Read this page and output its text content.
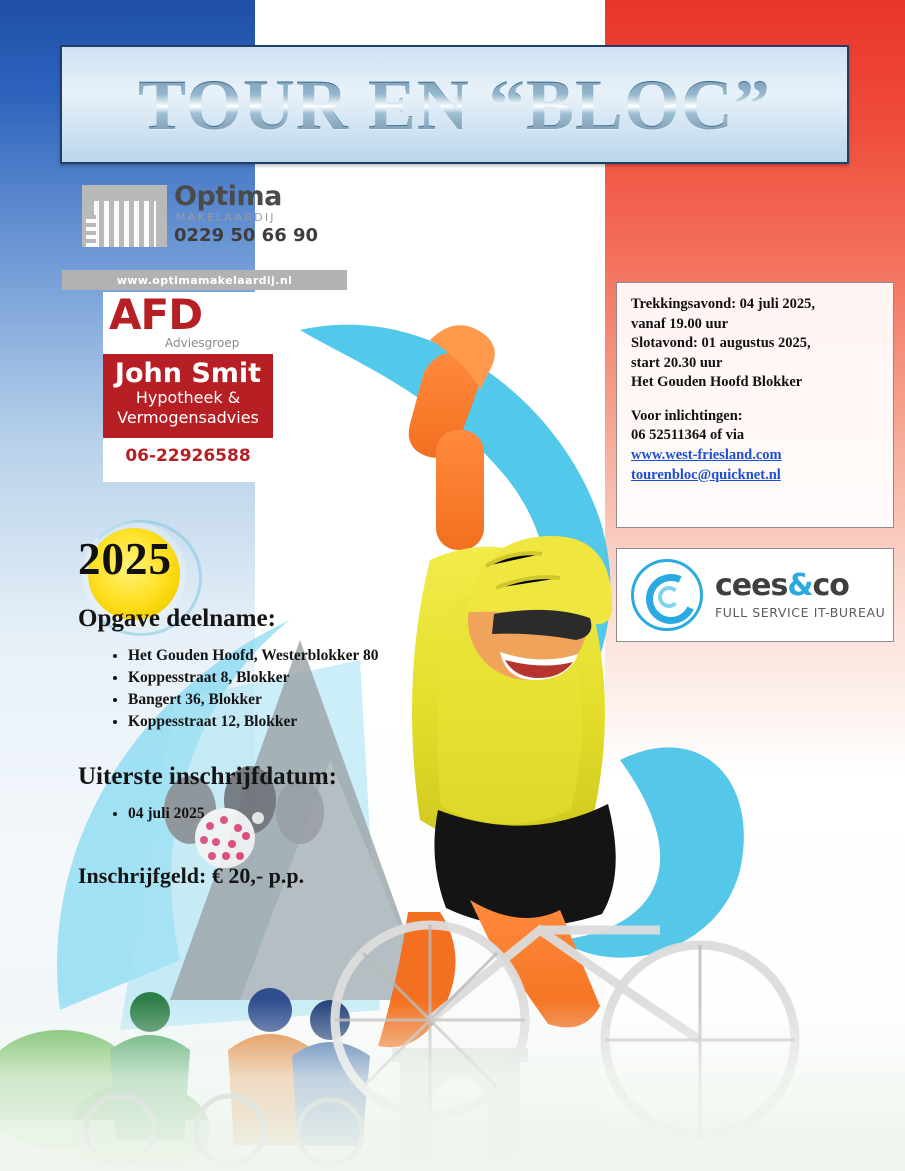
TOUR EN “BLOC”
Optima
MAKELAARDIJ
0229 50 66 90
www.optimamakelaardij.nl
AFD
Adviesgroep
John Smit
Hypotheek &
Vermogensadvies
06-22926588
2025
Opgave deelname:
• Het Gouden Hoofd, Westerblokker 80
• Koppesstraat 8, Blokker
• Bangert 36, Blokker
• Koppesstraat 12, Blokker
Uiterste inschrijfdatum:
• 04 juli 2025
Inschrijfgeld: € 20,- p.p.
Trekkingsavond: 04 juli 2025,
vanaf 19.00 uur
Slotavond: 01 augustus 2025,
start 20.30 uur
Het Gouden Hoofd Blokker
Voor inlichtingen:
06 52511364 of via
www.west-friesland.com
tourenbloc@quicknet.nl
cees&co
FULL SERVICE IT-BUREAU
